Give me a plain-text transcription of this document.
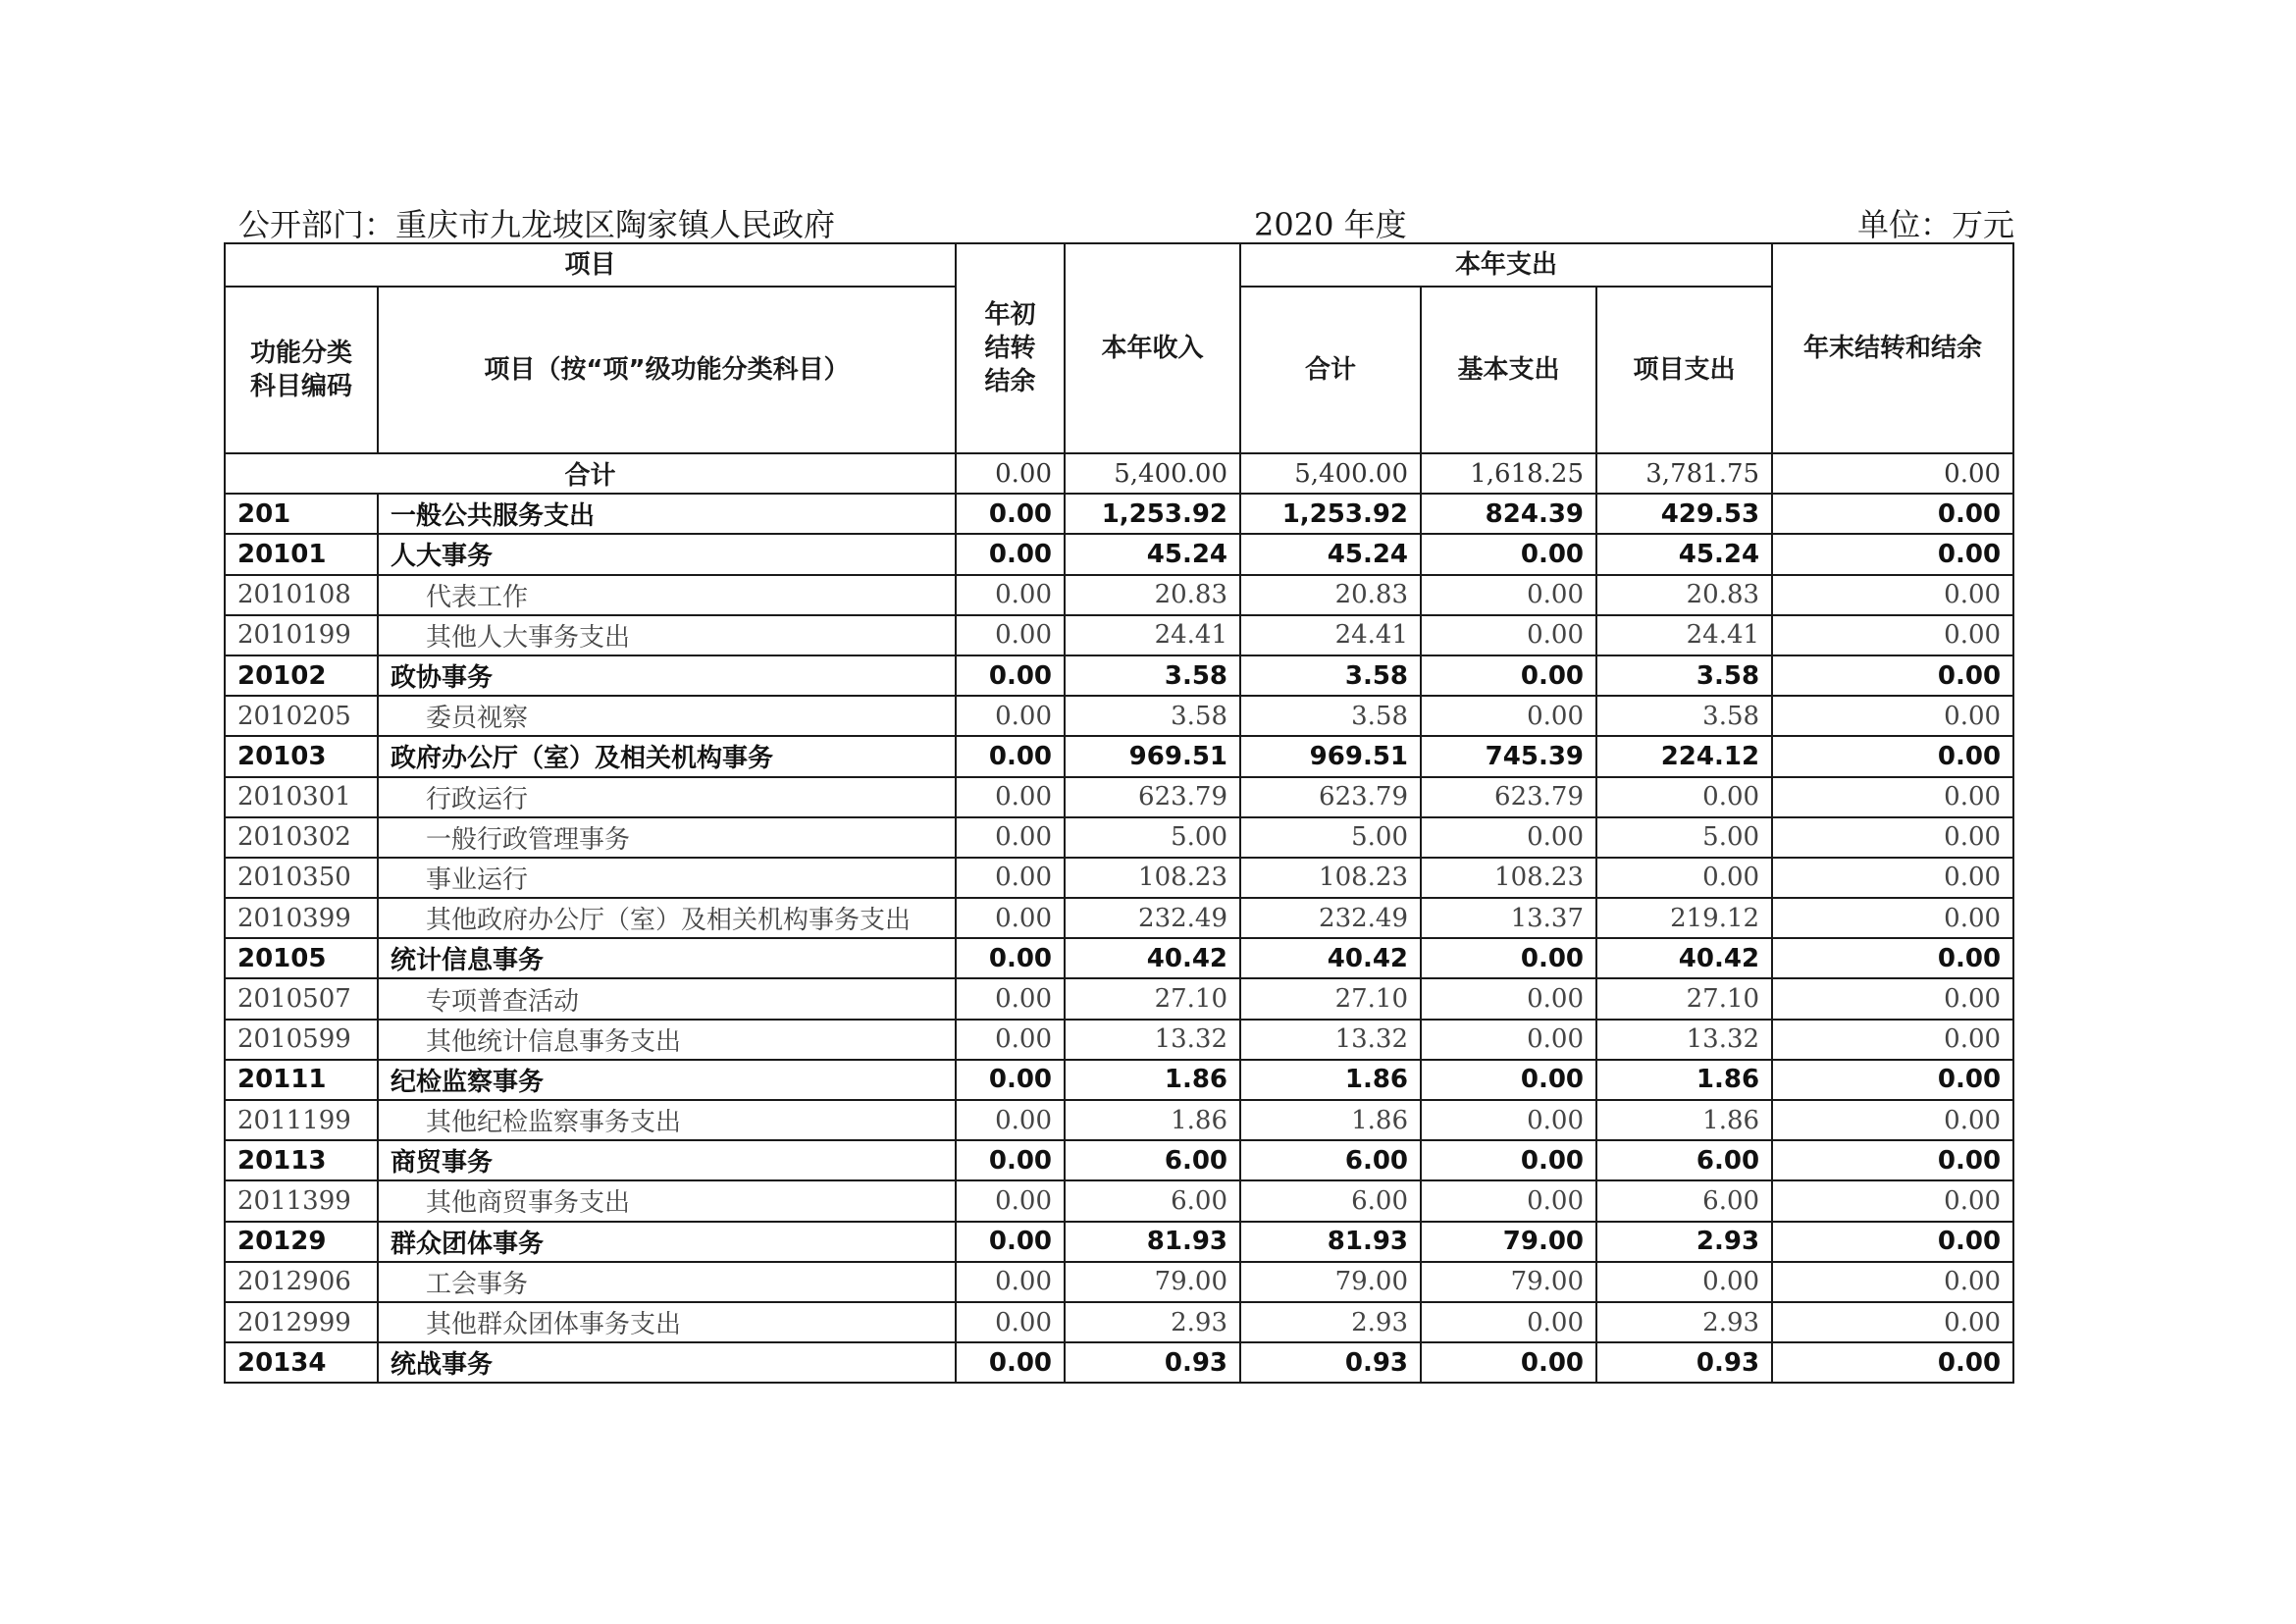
公开部门：重庆市九龙坡区陶家镇人民政府	2020 年度	单位：万元
项目		年初结转结余	本年收入	本年支出			年末结转和结余
功能分类科目编码	项目（按“项”级功能分类科目）			合计	基本支出	项目支出	
合计		0.00	5,400.00	5,400.00	1,618.25	3,781.75	0.00
201	一般公共服务支出	0.00	1,253.92	1,253.92	824.39	429.53	0.00
20101	人大事务	0.00	45.24	45.24	0.00	45.24	0.00
2010108	代表工作	0.00	20.83	20.83	0.00	20.83	0.00
2010199	其他人大事务支出	0.00	24.41	24.41	0.00	24.41	0.00
20102	政协事务	0.00	3.58	3.58	0.00	3.58	0.00
2010205	委员视察	0.00	3.58	3.58	0.00	3.58	0.00
20103	政府办公厅（室）及相关机构事务	0.00	969.51	969.51	745.39	224.12	0.00
2010301	行政运行	0.00	623.79	623.79	623.79	0.00	0.00
2010302	一般行政管理事务	0.00	5.00	5.00	0.00	5.00	0.00
2010350	事业运行	0.00	108.23	108.23	108.23	0.00	0.00
2010399	其他政府办公厅（室）及相关机构事务支出	0.00	232.49	232.49	13.37	219.12	0.00
20105	统计信息事务	0.00	40.42	40.42	0.00	40.42	0.00
2010507	专项普查活动	0.00	27.10	27.10	0.00	27.10	0.00
2010599	其他统计信息事务支出	0.00	13.32	13.32	0.00	13.32	0.00
20111	纪检监察事务	0.00	1.86	1.86	0.00	1.86	0.00
2011199	其他纪检监察事务支出	0.00	1.86	1.86	0.00	1.86	0.00
20113	商贸事务	0.00	6.00	6.00	0.00	6.00	0.00
2011399	其他商贸事务支出	0.00	6.00	6.00	0.00	6.00	0.00
20129	群众团体事务	0.00	81.93	81.93	79.00	2.93	0.00
2012906	工会事务	0.00	79.00	79.00	79.00	0.00	0.00
2012999	其他群众团体事务支出	0.00	2.93	2.93	0.00	2.93	0.00
20134	统战事务	0.00	0.93	0.93	0.00	0.93	0.00
